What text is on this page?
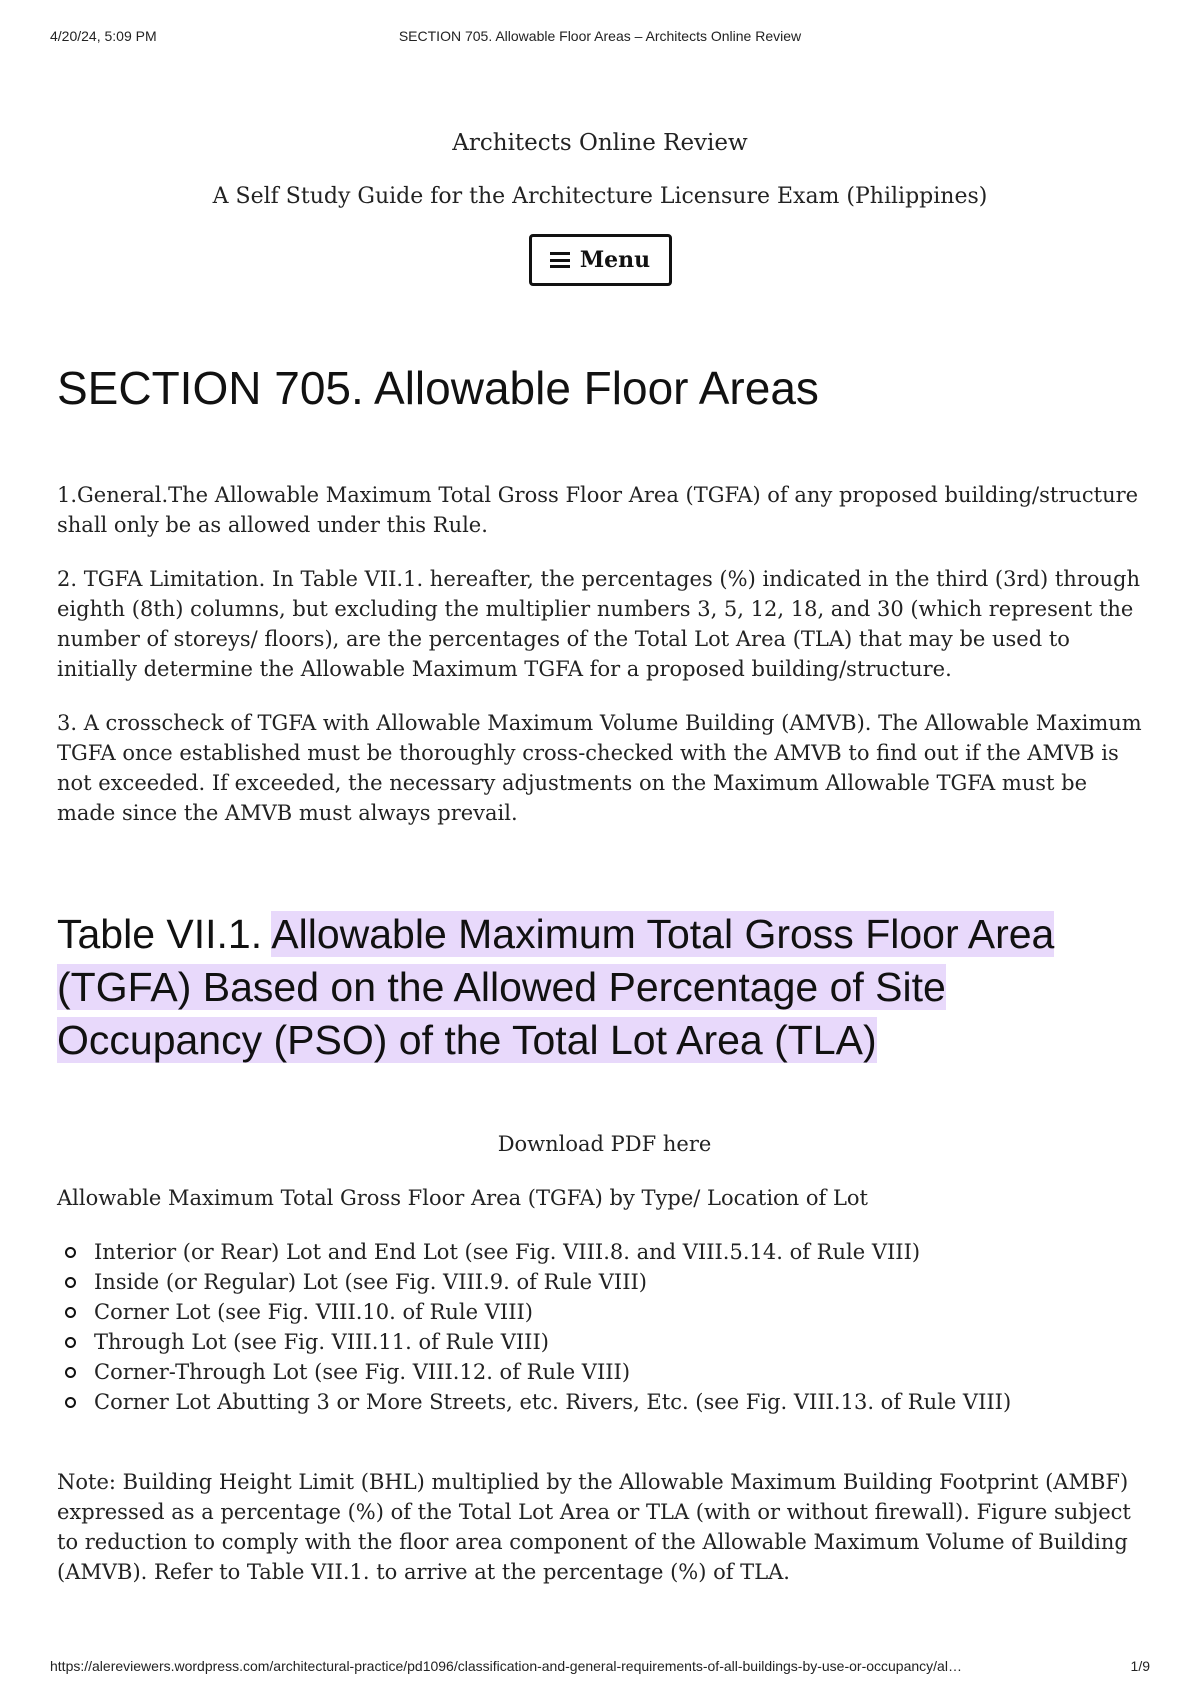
4/20/24, 5:09 PM	SECTION 705. Allowable Floor Areas – Architects Online Review

Architects Online Review

A Self Study Guide for the Architecture Licensure Exam (Philippines)
Menu
SECTION 705. Allowable Floor Areas

1.General.The Allowable Maximum Total Gross Floor Area (TGFA) of any proposed building/structure shall only be as allowed under this Rule.

2. TGFA Limitation. In Table VII.1. hereafter, the percentages (%) indicated in the third (3rd) through eighth (8th) columns, but excluding the multiplier numbers 3, 5, 12, 18, and 30 (which represent the number of storeys/ floors), are the percentages of the Total Lot Area (TLA) that may be used to initially determine the Allowable Maximum TGFA for a proposed building/structure.

3. A crosscheck of TGFA with Allowable Maximum Volume Building (AMVB). The Allowable Maximum TGFA once established must be thoroughly cross-checked with the AMVB to find out if the AMVB is not exceeded. If exceeded, the necessary adjustments on the Maximum Allowable TGFA must be made since the AMVB must always prevail.

Table VII.1. Allowable Maximum Total Gross Floor Area (TGFA) Based on the Allowed Percentage of Site Occupancy (PSO) of the Total Lot Area (TLA)
Download PDF here

Allowable Maximum Total Gross Floor Area (TGFA) by Type/ Location of Lot

Interior (or Rear) Lot and End Lot (see Fig. VIII.8. and VIII.5.14. of Rule VIII)
Inside (or Regular) Lot (see Fig. VIII.9. of Rule VIII)
Corner Lot (see Fig. VIII.10. of Rule VIII)
Through Lot (see Fig. VIII.11. of Rule VIII)
Corner-Through Lot (see Fig. VIII.12. of Rule VIII)
Corner Lot Abutting 3 or More Streets, etc. Rivers, Etc. (see Fig. VIII.13. of Rule VIII)

Note: Building Height Limit (BHL) multiplied by the Allowable Maximum Building Footprint (AMBF) expressed as a percentage (%) of the Total Lot Area or TLA (with or without firewall). Figure subject to reduction to comply with the floor area component of the Allowable Maximum Volume of Building (AMVB). Refer to Table VII.1. to arrive at the percentage (%) of TLA.

https://alereviewers.wordpress.com/architectural-practice/pd1096/classification-and-general-requirements-of-all-buildings-by-use-or-occupancy/al…	1/9
